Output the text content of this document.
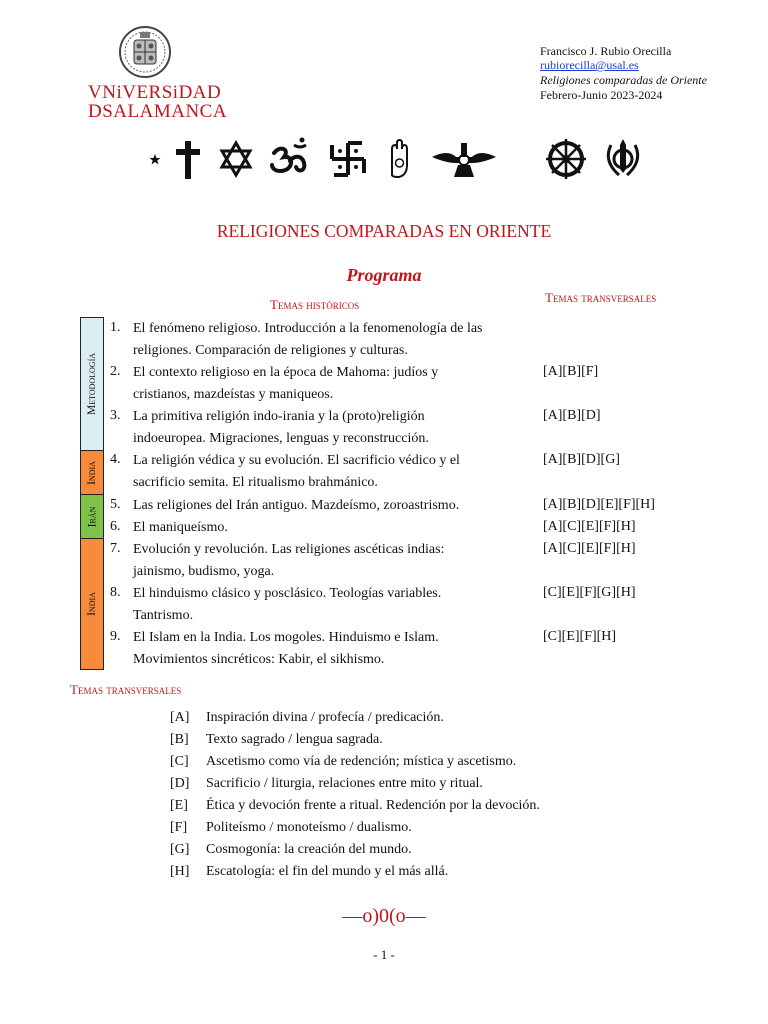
VNiVERSiDAD
DSALAMANCA
Francisco J. Rubio Orecilla
rubiorecilla@usal.es
Religiones comparadas de Oriente
Febrero-Junio 2023-2024
RELIGIONES COMPARADAS EN ORIENTE
Programa
Temas históricos	Temas transversales
Metodología
India
Irán
India
1. El fenómeno religioso. Introducción a la fenomenología de las
religiones. Comparación de religiones y culturas.
2. El contexto religioso en la época de Mahoma: judíos y
cristianos, mazdeístas y maniqueos.
[A][B][F]
3. La primitiva religión indo-irania y la (proto)religión
indoeuropea. Migraciones, lenguas y reconstrucción.
[A][B][D]
4. La religión védica y su evolución. El sacrificio védico y el
sacrificio semita. El ritualismo brahmánico.
[A][B][D][G]
5. Las religiones del Irán antiguo. Mazdeísmo, zoroastrismo.	[A][B][D][E][F][H]
6. El maniqueísmo.	[A][C][E][F][H]
7. Evolución y revolución. Las religiones ascéticas indias:
jainismo, budismo, yoga.
[A][C][E][F][H]
8. El hinduismo clásico y posclásico. Teologías variables.
Tantrismo.
[C][E][F][G][H]
9. El Islam en la India. Los mogoles. Hinduismo e Islam.
Movimientos sincréticos: Kabir, el sikhismo.
[C][E][F][H]
Temas transversales
[A] Inspiración divina / profecía / predicación.
[B] Texto sagrado / lengua sagrada.
[C] Ascetismo como vía de redención; mística y ascetismo.
[D] Sacrificio / liturgia, relaciones entre mito y ritual.
[E] Ética y devoción frente a ritual. Redención por la devoción.
[F] Politeísmo / monoteísmo / dualismo.
[G] Cosmogonía: la creación del mundo.
[H] Escatología: el fin del mundo y el más allá.
—o)0(o—
- 1 -
